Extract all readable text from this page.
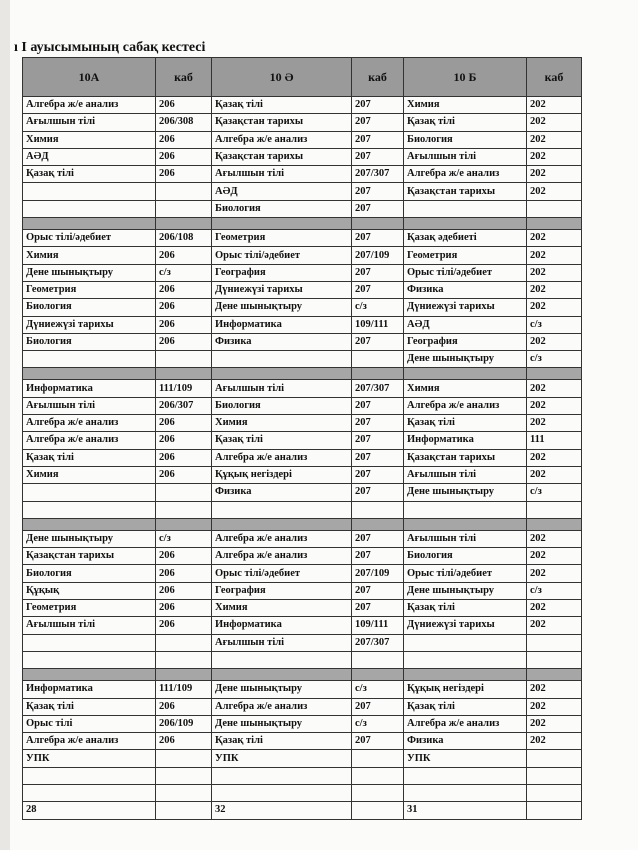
ı I ауысымының сабақ кестесі
10А	каб	10 Ә	каб	10 Б	каб
Алгебра ж/е анализ	206	Қазақ тілі	207	Химия	202
Ағылшын тілі	206/308	Қазақстан тарихы	207	Қазақ тілі	202
Химия	206	Алгебра ж/е анализ	207	Биология	202
АӘД	206	Қазақстан тарихы	207	Ағылшын тілі	202
Қазақ тілі	206	Ағылшын тілі	207/307	Алгебра ж/е анализ	202
		АӘД	207	Қазақстан тарихы	202
		Биология	207		

Орыс тілі/әдебиет	206/108	Геометрия	207	Қазақ әдебиеті	202
Химия	206	Орыс тілі/әдебиет	207/109	Геометрия	202
Дене шынықтыру	с/з	География	207	Орыс тілі/әдебиет	202
Геометрия	206	Дүниежүзі тарихы	207	Физика	202
Биология	206	Дене шынықтыру	с/з	Дүниежүзі тарихы	202
Дүниежүзі тарихы	206	Информатика	109/111	АӘД	с/з
Биология	206	Физика	207	География	202
				Дене шынықтыру	с/з

Информатика	111/109	Ағылшын тілі	207/307	Химия	202
Ағылшын тілі	206/307	Биология	207	Алгебра ж/е анализ	202
Алгебра ж/е анализ	206	Химия	207	Қазақ тілі	202
Алгебра ж/е анализ	206	Қазақ тілі	207	Информатика	111
Қазақ тілі	206	Алгебра ж/е анализ	207	Қазақстан тарихы	202
Химия	206	Құқық негіздері	207	Ағылшын тілі	202
		Физика	207	Дене шынықтыру	с/з

Дене шынықтыру	с/з	Алгебра ж/е анализ	207	Ағылшын тілі	202
Қазақстан тарихы	206	Алгебра ж/е анализ	207	Биология	202
Биология	206	Орыс тілі/әдебиет	207/109	Орыс тілі/әдебиет	202
Құқық	206	География	207	Дене шынықтыру	с/з
Геометрия	206	Химия	207	Қазақ тілі	202
Ағылшын тілі	206	Информатика	109/111	Дүниежүзі тарихы	202
		Ағылшын тілі	207/307		

Информатика	111/109	Дене шынықтыру	с/з	Құқық негіздері	202
Қазақ тілі	206	Алгебра ж/е анализ	207	Қазақ тілі	202
Орыс тілі	206/109	Дене шынықтыру	с/з	Алгебра ж/е анализ	202
Алгебра ж/е анализ	206	Қазақ тілі	207	Физика	202
УПК		УПК		УПК	

28		32		31	
